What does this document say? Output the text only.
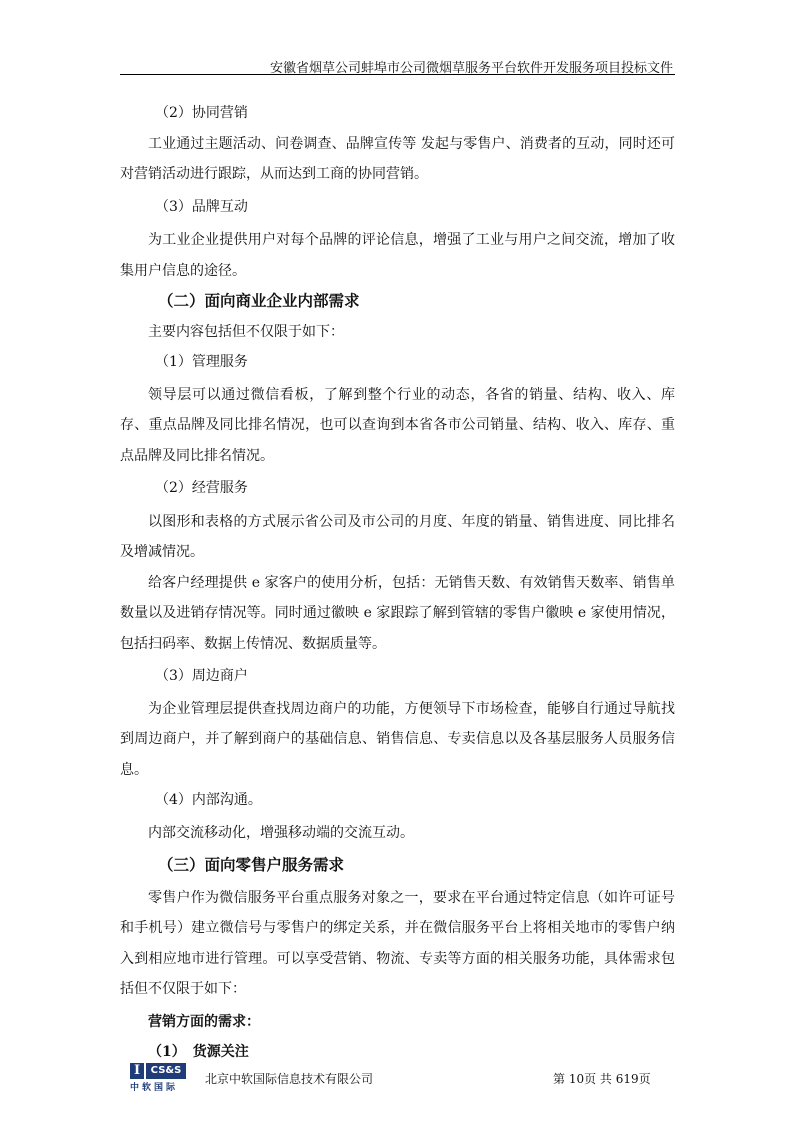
安徽省烟草公司蚌埠市公司微烟草服务平台软件开发服务项目投标文件
（2）协同营销
工业通过主题活动、问卷调查、品牌宣传等 发起与零售户、消费者的互动，同时还可对营销活动进行跟踪，从而达到工商的协同营销。
（3）品牌互动
为工业企业提供用户对每个品牌的评论信息，增强了工业与用户之间交流，增加了收集用户信息的途径。
（二）面向商业企业内部需求
主要内容包括但不仅限于如下：
（1）管理服务
领导层可以通过微信看板，了解到整个行业的动态，各省的销量、结构、收入、库存、重点品牌及同比排名情况，也可以查询到本省各市公司销量、结构、收入、库存、重点品牌及同比排名情况。
（2）经营服务
以图形和表格的方式展示省公司及市公司的月度、年度的销量、销售进度、同比排名及增减情况。
给客户经理提供 e 家客户的使用分析，包括：无销售天数、有效销售天数率、销售单数量以及进销存情况等。同时通过徽映 e 家跟踪了解到管辖的零售户徽映 e 家使用情况，包括扫码率、数据上传情况、数据质量等。
（3）周边商户
为企业管理层提供查找周边商户的功能，方便领导下市场检查，能够自行通过导航找到周边商户，并了解到商户的基础信息、销售信息、专卖信息以及各基层服务人员服务信息。
（4）内部沟通。
内部交流移动化，增强移动端的交流互动。
（三）面向零售户服务需求
零售户作为微信服务平台重点服务对象之一，要求在平台通过特定信息（如许可证号和手机号）建立微信号与零售户的绑定关系，并在微信服务平台上将相关地市的零售户纳入到相应地市进行管理。可以享受营销、物流、专卖等方面的相关服务功能，具体需求包括但不仅限于如下：
营销方面的需求：
（1）　货源关注
I	CS&S
中软国际
北京中软国际信息技术有限公司	第 10页 共 619页
